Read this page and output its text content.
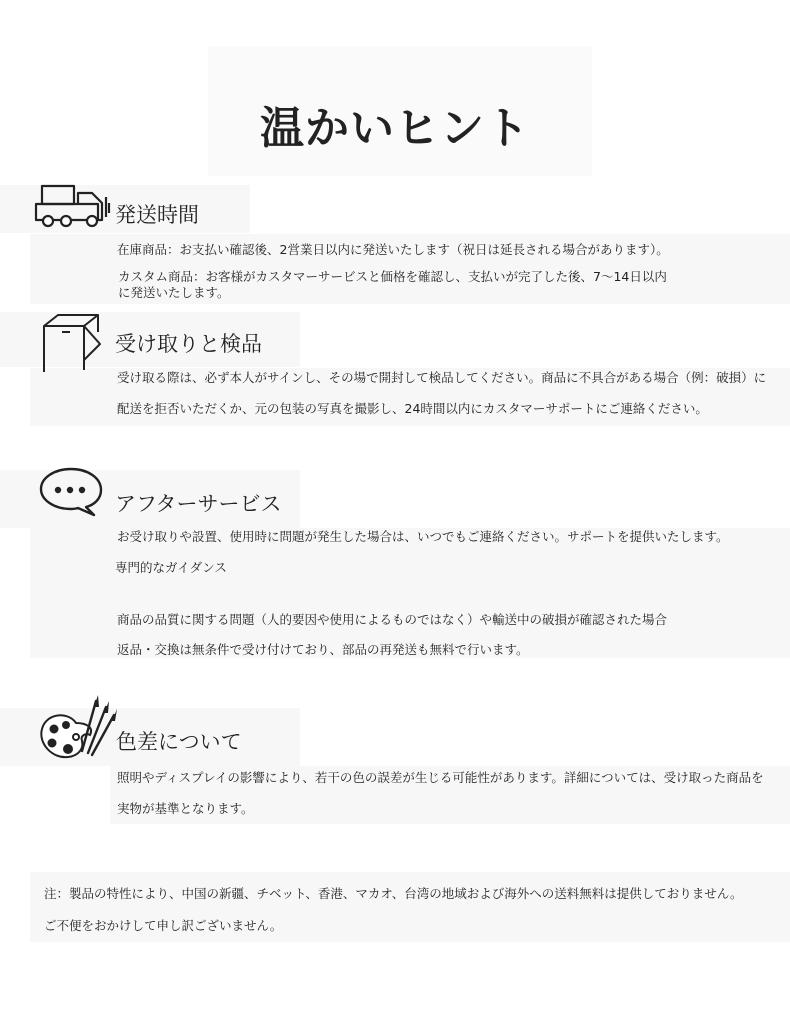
温かいヒント
発送時間
在庫商品：お支払い確認後、2営業日以内に発送いたします（祝日は延長される場合があります）。
カスタム商品：お客様がカスタマーサービスと価格を確認し、支払いが完了した後、7〜14日以内
に発送いたします。
受け取りと検品
受け取る際は、必ず本人がサインし、その場で開封して検品してください。商品に不具合がある場合（例：破損）に
配送を拒否いただくか、元の包装の写真を撮影し、24時間以内にカスタマーサポートにご連絡ください。
アフターサービス
お受け取りや設置、使用時に問題が発生した場合は、いつでもご連絡ください。サポートを提供いたします。
専門的なガイダンス
商品の品質に関する問題（人的要因や使用によるものではなく）や輸送中の破損が確認された場合
返品・交換は無条件で受け付けており、部品の再発送も無料で行います。
色差について
照明やディスプレイの影響により、若干の色の誤差が生じる可能性があります。詳細については、受け取った商品を
実物が基準となります。
注：製品の特性により、中国の新疆、チベット、香港、マカオ、台湾の地域および海外への送料無料は提供しておりません。
ご不便をおかけして申し訳ございません。
